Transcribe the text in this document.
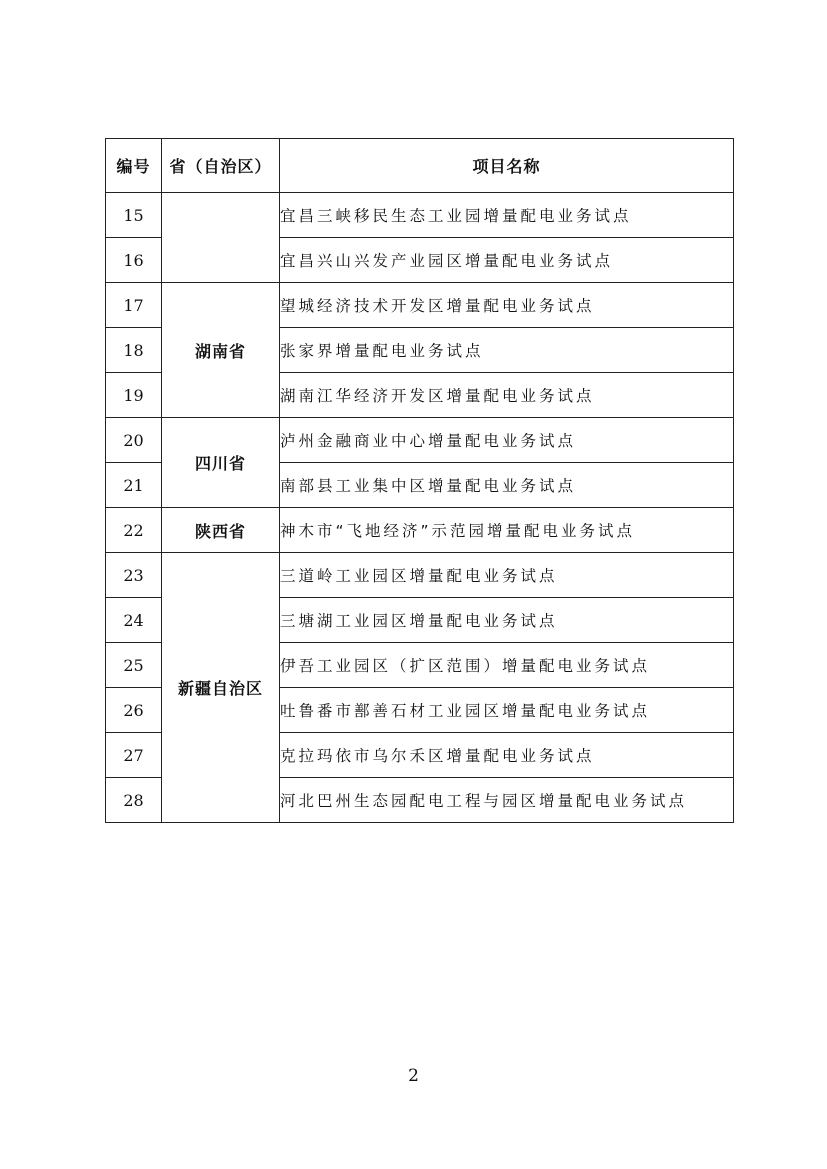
编号	省（自治区）	项目名称
15		宜昌三峡移民生态工业园增量配电业务试点
16		宜昌兴山兴发产业园区增量配电业务试点
17	湖南省	望城经济技术开发区增量配电业务试点
18		张家界增量配电业务试点
19		湖南江华经济开发区增量配电业务试点
20	四川省	泸州金融商业中心增量配电业务试点
21		南部县工业集中区增量配电业务试点
22	陕西省	神木市“飞地经济”示范园增量配电业务试点
23	新疆自治区	三道岭工业园区增量配电业务试点
24		三塘湖工业园区增量配电业务试点
25		伊吾工业园区（扩区范围）增量配电业务试点
26		吐鲁番市鄯善石材工业园区增量配电业务试点
27		克拉玛依市乌尔禾区增量配电业务试点
28		河北巴州生态园配电工程与园区增量配电业务试点
2
